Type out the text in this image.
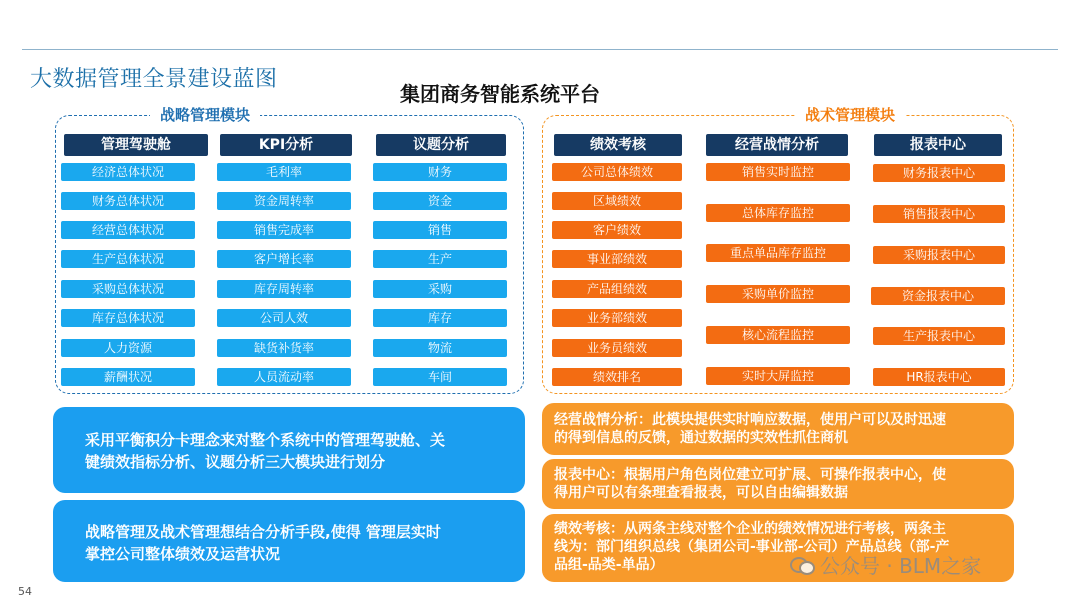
大数据管理全景建设蓝图
集团商务智能系统平台
战略管理模块	战术管理模块
管理驾驶舱
经济总体状况
财务总体状况
经营总体状况
生产总体状况
采购总体状况
库存总体状况
人力资源
薪酬状况
KPI分析
毛利率
资金周转率
销售完成率
客户增长率
库存周转率
公司人效
缺货补货率
人员流动率
议题分析
财务
资金
销售
生产
采购
库存
物流
车间
绩效考核
公司总体绩效
区域绩效
客户绩效
事业部绩效
产品组绩效
业务部绩效
业务员绩效
绩效排名
经营战情分析
销售实时监控
总体库存监控
重点单品库存监控
采购单价监控
核心流程监控
实时大屏监控
报表中心
财务报表中心
销售报表中心
采购报表中心
资金报表中心
生产报表中心
HR报表中心
采用平衡积分卡理念来对整个系统中的管理驾驶舱、关
键绩效指标分析、议题分析三大模块进行划分
战略管理及战术管理想结合分析手段,使得 管理层实时
掌控公司整体绩效及运营状况
经营战情分析：此模块提供实时响应数据，使用户可以及时迅速
的得到信息的反馈，通过数据的实效性抓住商机
报表中心：根据用户角色岗位建立可扩展、可操作报表中心，使
得用户可以有条理查看报表，可以自由编辑数据
绩效考核：从两条主线对整个企业的绩效情况进行考核，两条主
线为：部门组织总线（集团公司-事业部-公司）产品总线（部-产
品组-品类-单品）
54
公众号 · BLM之家
